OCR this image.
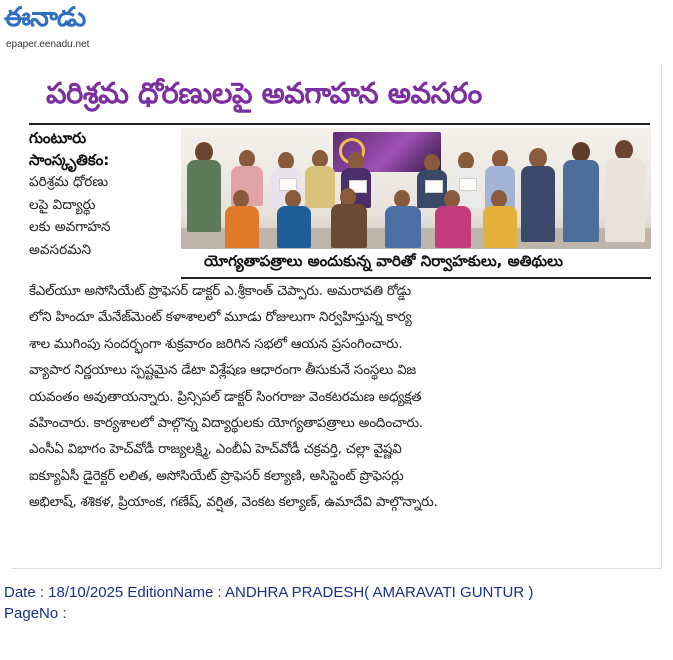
ఈనాడు
epaper.eenadu.net
పరిశ్రమ ధోరణులపై అవగాహన అవసరం
గుంటూరు
సాంస్కృతికం:
పరిశ్రమ ధోరణు
లపై విద్యార్థు
లకు అవగాహన
అవసరమని
యోగ్యతాపత్రాలు అందుకున్న వారితో నిర్వాహకులు, అతిథులు
కేఎల్‌యూ అసోసియేట్ ప్రొఫెసర్ డాక్టర్ ఎ.శ్రీకాంత్ చెప్పారు. అమరావతి రోడ్డు
లోని హిందూ మేనేజ్‌మెంట్ కళాశాలలో మూడు రోజులుగా నిర్వహిస్తున్న కార్య
శాల ముగింపు సందర్భంగా శుక్రవారం జరిగిన సభలో ఆయన ప్రసంగించారు.
వ్యాపార నిర్ణయాలు స్పష్టమైన డేటా విశ్లేషణ ఆధారంగా తీసుకునే సంస్థలు విజ
యవంతం అవుతాయన్నారు. ప్రిన్సిపల్ డాక్టర్ సింగరాజు వెంకటరమణ అధ్యక్షత
వహించారు. కార్యశాలలో పాల్గొన్న విద్యార్థులకు యోగ్యతాపత్రాలు అందించారు.
ఎంసీఏ విభాగం హెచ్‌వోడీ రాజ్యలక్ష్మి, ఎంబీఏ హెచ్‌వోడీ చక్రవర్తి, చల్లా వైష్ణవి
ఐక్యూఏసీ డైరెక్టర్ లలిత, అసోసియేట్ ప్రొఫెసర్ కల్యాణి, అసిస్టెంట్ ప్రొఫెసర్లు
అభిలాష్, శశికళ, ప్రియాంక, గణేష్, వర్షిత, వెంకట కల్యాణ్, ఉమాదేవి పాల్గొన్నారు.
Date : 18/10/2025 EditionName : ANDHRA PRADESH( AMARAVATI GUNTUR )
PageNo :
